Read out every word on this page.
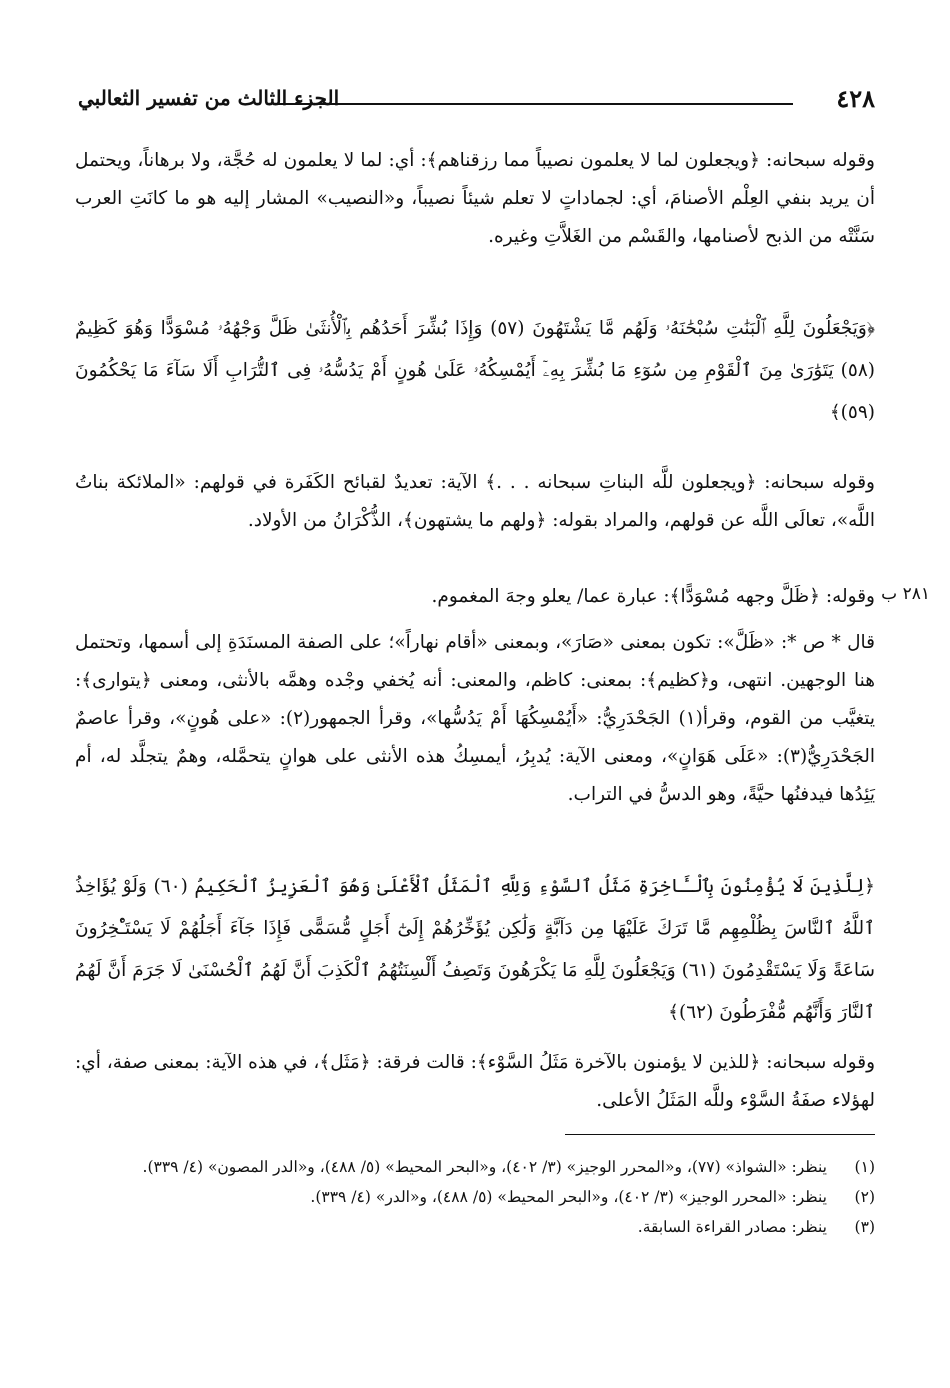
٤٢٨
الجزء الثالث من تفسير الثعالبي
وقوله سبحانه: ﴿ويجعلون لما لا يعلمون نصيباً مما رزقناهم﴾: أي: لما لا يعلمون له حُجَّة، ولا برهاناً، ويحتمل أن يريد بنفي العِلْم الأصنامَ، أي: لجماداتٍ لا تعلم شيئاً نصيباً، و«النصيب» المشار إليه هو ما كانَتِ العرب سَنَّتْه من الذبح لأصنامها، والقَسْم من الغَلاَّتِ وغيره.
﴿وَيَجْعَلُونَ لِلَّهِ ٱلْبَنَٰتِ سُبْحَٰنَهُۥ وَلَهُم مَّا يَشْتَهُونَ (٥٧) وَإِذَا بُشِّرَ أَحَدُهُم بِٱلْأُنثَىٰ ظَلَّ وَجْهُهُۥ مُسْوَدًّا وَهُوَ كَظِيمٌ (٥٨) يَتَوَٰرَىٰ مِنَ ٱلْقَوْمِ مِن سُوٓءِ مَا بُشِّرَ بِهِۦٓ أَيُمْسِكُهُۥ عَلَىٰ هُونٍ أَمْ يَدُسُّهُۥ فِى ٱلتُّرَابِ أَلَا سَآءَ مَا يَحْكُمُونَ (٥٩)﴾
وقوله سبحانه: ﴿ويجعلون للَّه البناتِ سبحانه . . .﴾ الآية: تعديدٌ لقبائح الكَفَرة في قولهم: «الملائكة بناتُ اللَّه»، تعالَى اللَّه عن قولهم، والمراد بقوله: ﴿ولهم ما يشتهون﴾، الذُّكْرَانُ من الأولاد.
٢٨١ ب
وقوله: ﴿ظَلَّ وجهه مُسْوَدًّا﴾: عبارة عما/ يعلو وجهَ المغموم.
قال * ص *: «ظَلَّ»: تكون بمعنى «صَارَ»، وبمعنى «أقام نهاراً»؛ على الصفة المسنَدَةِ إلى أسمها، وتحتمل هنا الوجهين. انتهى، و﴿كظيم﴾: بمعنى: كاظم، والمعنى: أنه يُخفي وجْده وهمَّه بالأنثى، ومعنى ﴿يتوارى﴾: يتغيَّب من القوم، وقرأ(١) الجَحْدَرِيُّ: «أَيُمْسِكُهَا أَمْ يَدُسُّها»، وقرأ الجمهور(٢): «على هُونٍ»، وقرأ عاصمٌ الجَحْدَرِيُّ(٣): «عَلَى هَوَانٍ»، ومعنى الآية: يُدبِرُ، أيمسِكُ هذه الأنثى على هوانٍ يتحمَّله، وهمٌ يتجلَّد له، أم يَئِدُها فيدفنُها حيَّةً، وهو الدسُّ في التراب.
﴿لِلَّذِينَ لَا يُؤْمِنُونَ بِٱلْـَٔاخِرَةِ مَثَلُ ٱلسَّوْءِ وَلِلَّهِ ٱلْمَثَلُ ٱلْأَعْلَىٰ وَهُوَ ٱلْعَزِيزُ ٱلْحَكِيمُ (٦٠) وَلَوْ يُؤَاخِذُ ٱللَّهُ ٱلنَّاسَ بِظُلْمِهِم مَّا تَرَكَ عَلَيْهَا مِن دَآبَّةٍ وَلَٰكِن يُؤَخِّرُهُمْ إِلَىٰٓ أَجَلٍ مُّسَمًّى فَإِذَا جَآءَ أَجَلُهُمْ لَا يَسْتَـْٔخِرُونَ سَاعَةً وَلَا يَسْتَقْدِمُونَ (٦١) وَيَجْعَلُونَ لِلَّهِ مَا يَكْرَهُونَ وَتَصِفُ أَلْسِنَتُهُمُ ٱلْكَذِبَ أَنَّ لَهُمُ ٱلْحُسْنَىٰ لَا جَرَمَ أَنَّ لَهُمُ ٱلنَّارَ وَأَنَّهُم مُّفْرَطُونَ (٦٢)﴾
وقوله سبحانه: ﴿للذين لا يؤمنون بالآخرة مَثَلُ السَّوْء﴾: قالت فرقة: ﴿مَثَل﴾، في هذه الآية: بمعنى صفة، أي: لهؤلاء صفَةُ السَّوْء وللَّه المَثَلُ الأعلى.
(١)
ينظر: «الشواذ» (٧٧)، و«المحرر الوجيز» (٣/ ٤٠٢)، و«البحر المحيط» (٥/ ٤٨٨)، و«الدر المصون» (٤/ ٣٣٩).
(٢)
ينظر: «المحرر الوجيز» (٣/ ٤٠٢)، و«البحر المحيط» (٥/ ٤٨٨)، و«الدر» (٤/ ٣٣٩).
(٣)
ينظر: مصادر القراءة السابقة.
